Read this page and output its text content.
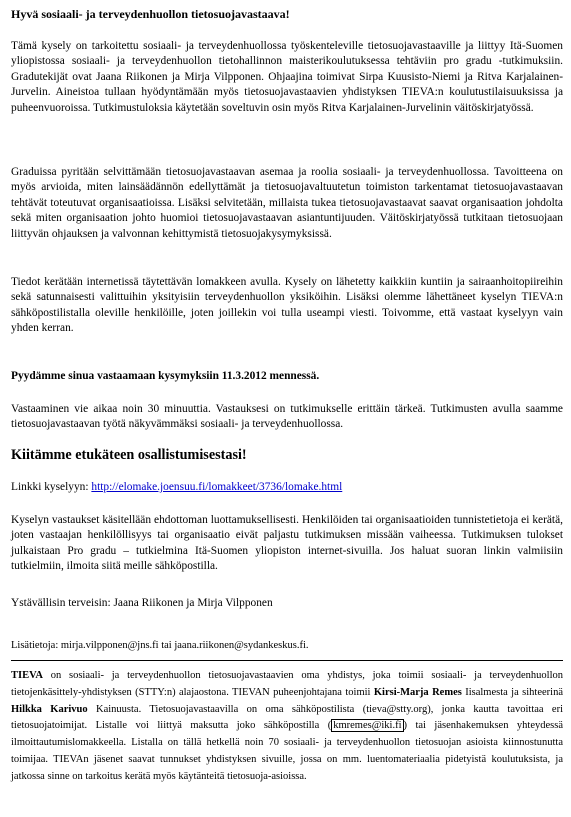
Hyvä sosiaali- ja terveydenhuollon tietosuojavastaava!

Tämä kysely on tarkoitettu sosiaali- ja terveydenhuollossa työskenteleville tietosuojavastaaville ja liittyy Itä-Suomen yliopistossa sosiaali- ja terveydenhuollon tietohallinnon maisterikoulutuksessa tehtäviin pro gradu -tutkimuksiin. Gradutekijät ovat Jaana Riikonen ja Mirja Vilpponen. Ohjaajina toimivat Sirpa Kuusisto-Niemi ja Ritva Karjalainen-Jurvelin. Aineistoa tullaan hyödyntämään myös tietosuojavastaavien yhdistyksen TIEVA:n koulutustilaisuuksissa ja puheenvuoroissa. Tutkimustuloksia käytetään soveltuvin osin myös Ritva Karjalainen-Jurvelinin väitöskirjatyössä.

Graduissa pyritään selvittämään tietosuojavastaavan asemaa ja roolia sosiaali- ja terveydenhuollossa. Tavoitteena on myös arvioida, miten lainsäädännön edellyttämät ja tietosuojavaltuutetun toimiston tarkentamat tietosuojavastaavan tehtävät toteutuvat organisaatioissa. Lisäksi selvitetään, millaista tukea tietosuojavastaavat saavat organisaation johdolta sekä miten organisaation johto huomioi tietosuojavastaavan asiantuntijuuden. Väitöskirjatyössä tutkitaan tietosuojaan liittyvän ohjauksen ja valvonnan kehittymistä tietosuojakysymyksissä.

Tiedot kerätään internetissä täytettävän lomakkeen avulla. Kysely on lähetetty kaikkiin kuntiin ja sairaanhoitopiireihin sekä satunnaisesti valittuihin yksityisiin terveydenhuollon yksiköihin. Lisäksi olemme lähettäneet kyselyn TIEVA:n sähköpostilistalla oleville henkilöille, joten joillekin voi tulla useampi viesti. Toivomme, että vastaat kyselyyn vain yhden kerran.

Pyydämme sinua vastaamaan kysymyksiin 11.3.2012 mennessä.

Vastaaminen vie aikaa noin 30 minuuttia. Vastauksesi on tutkimukselle erittäin tärkeä. Tutkimusten avulla saamme tietosuojavastaavan työtä näkyvämmäksi sosiaali- ja terveydenhuollossa.

Kiitämme etukäteen osallistumisestasi!

Linkki kyselyyn: http://elomake.joensuu.fi/lomakkeet/3736/lomake.html

Kyselyn vastaukset käsitellään ehdottoman luottamuksellisesti. Henkilöiden tai organisaatioiden tunnistetietoja ei kerätä, joten vastaajan henkilöllisyys tai organisaatio eivät paljastu tutkimuksen missään vaiheessa. Tutkimuksen tulokset julkaistaan Pro gradu – tutkielmina Itä-Suomen yliopiston internet-sivuilla. Jos haluat suoran linkin valmiisiin tutkielmiin, ilmoita siitä meille sähköpostilla.

Ystävällisin terveisin: Jaana Riikonen ja Mirja Vilpponen

Lisätietoja: mirja.vilpponen@jns.fi tai jaana.riikonen@sydankeskus.fi.

TIEVA on sosiaali- ja terveydenhuollon tietosuojavastaavien oma yhdistys, joka toimii sosiaali- ja terveydenhuollon tietojenkäsittely-yhdistyksen (STTY:n) alajaostona. TIEVAN puheenjohtajana toimii Kirsi-Marja Remes Iisalmesta ja sihteerinä Hilkka Karivuo Kainuusta. Tietosuojavastaavilla on oma sähköpostilista (tieva@stty.org), jonka kautta tavoittaa eri tietosuojatoimijat. Listalle voi liittyä maksutta joko sähköpostilla ( kmremes@iki.fi ) tai jäsenhakemuksen yhteydessä ilmoittautumislomakkeella. Listalla on tällä hetkellä noin 70 sosiaali- ja terveydenhuollon tietosuojan asioista kiinnostunutta toimijaa. TIEVAn jäsenet saavat tunnukset yhdistyksen sivuille, jossa on mm. luentomateriaalia pidetyistä koulutuksista, ja jatkossa sinne on tarkoitus kerätä myös käytänteitä tietosuoja-asioissa.
